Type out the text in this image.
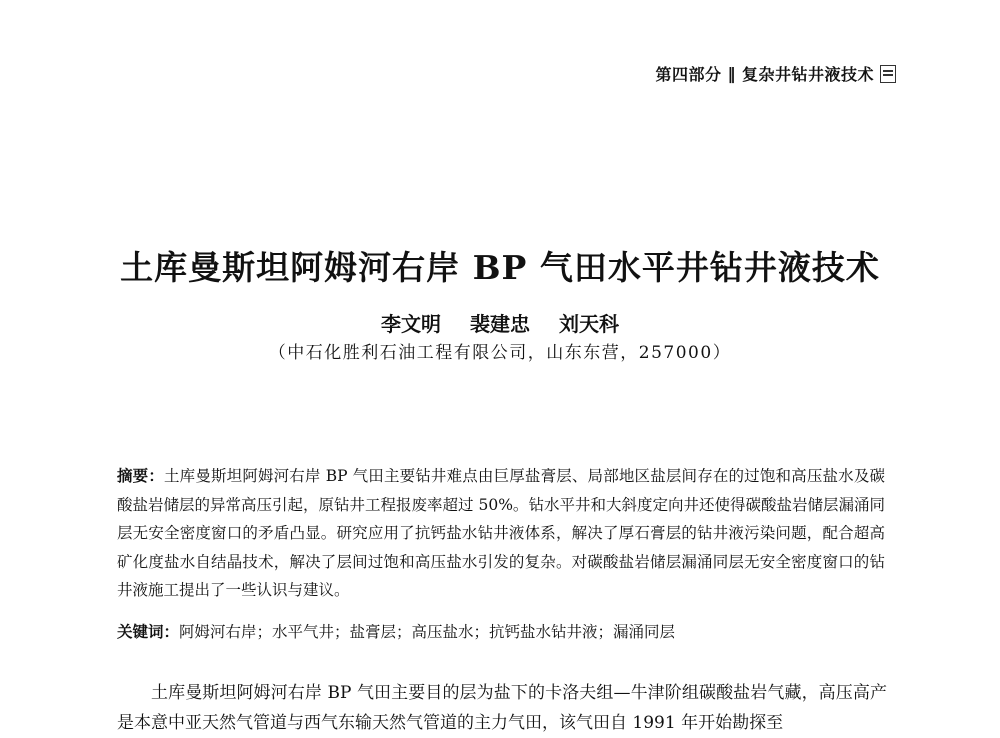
第四部分 ‖ 复杂井钻井液技术
土库曼斯坦阿姆河右岸 BP 气田水平井钻井液技术
李文明 裴建忠 刘天科
（中石化胜利石油工程有限公司，山东东营，257000）
摘要：土库曼斯坦阿姆河右岸 BP 气田主要钻井难点由巨厚盐膏层、局部地区盐层间存在的过饱和高压盐水及碳酸盐岩储层的异常高压引起，原钻井工程报废率超过 50%。钻水平井和大斜度定向井还使得碳酸盐岩储层漏涌同层无安全密度窗口的矛盾凸显。研究应用了抗钙盐水钻井液体系，解决了厚石膏层的钻井液污染问题，配合超高矿化度盐水自结晶技术，解决了层间过饱和高压盐水引发的复杂。对碳酸盐岩储层漏涌同层无安全密度窗口的钻井液施工提出了一些认识与建议。
关键词：阿姆河右岸；水平气井；盐膏层；高压盐水；抗钙盐水钻井液；漏涌同层
土库曼斯坦阿姆河右岸 BP 气田主要目的层为盐下的卡洛夫组—牛津阶组碳酸盐岩气藏，高压高产是本意中亚天然气管道与西气东输天然气管道的主力气田，该气田自 1991 年开始勘探至
